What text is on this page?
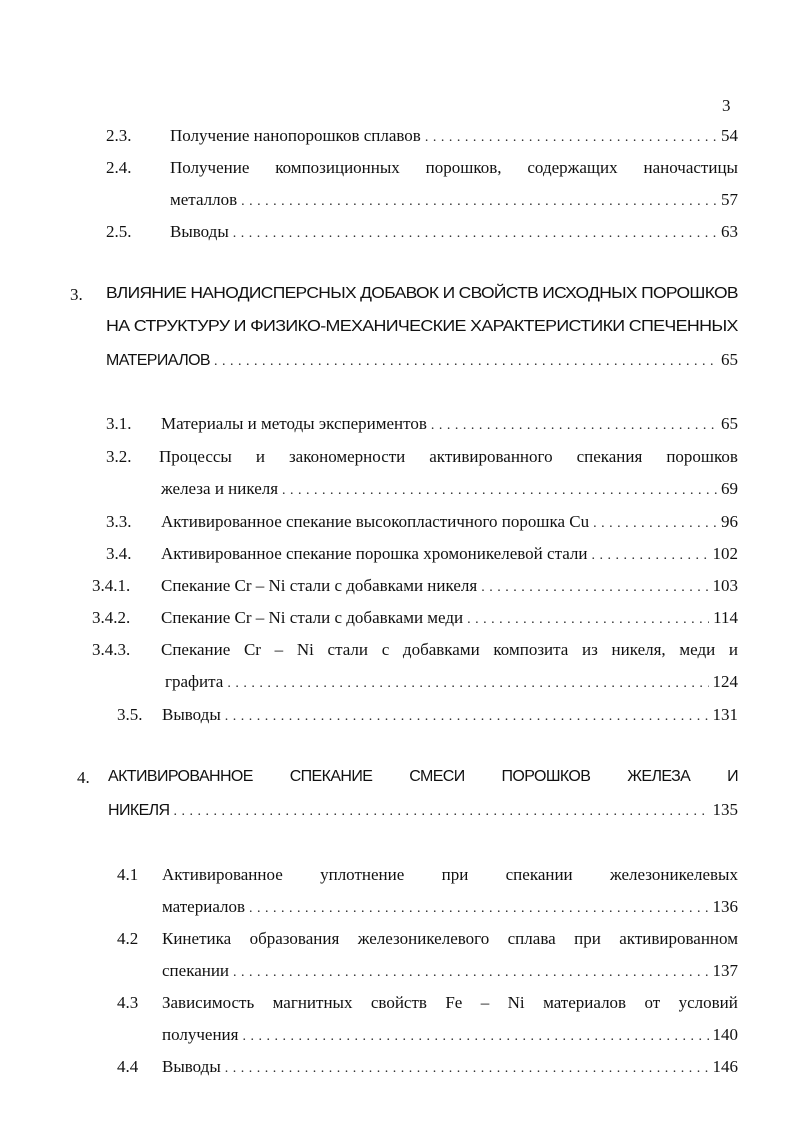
3
2.3. Получение нанопорошков сплавов . . .	54
2.4. Получение композиционных порошков, содержащих наночастицы
металлов . . .	57
2.5. Выводы . . .	63
3. ВЛИЯНИЕ НАНОДИСПЕРСНЫХ ДОБАВОК И СВОЙСТВ ИСХОДНЫХ ПОРОШКОВ
НА СТРУКТУРУ И ФИЗИКО-МЕХАНИЧЕСКИЕ ХАРАКТЕРИСТИКИ СПЕЧЕННЫХ
МАТЕРИАЛОВ . . .	65
3.1. Материалы и методы экспериментов . . .	65
3.2. Процессы и закономерности активированного спекания порошков
железа и никеля . . .	69
3.3. Активированное спекание высокопластичного порошка Cu . . .	96
3.4. Активированное спекание порошка хромоникелевой стали . . .	102
3.4.1. Спекание Cr – Ni стали с добавками никеля . . .	103
3.4.2. Спекание Cr – Ni стали с добавками меди . . .	114
3.4.3. Спекание Cr – Ni стали с добавками композита из никеля, меди и
графита . . .	124
3.5. Выводы . . .	131
4. АКТИВИРОВАННОЕ СПЕКАНИЕ СМЕСИ ПОРОШКОВ ЖЕЛЕЗА И
НИКЕЛЯ . . .	135
4.1 Активированное уплотнение при спекании железоникелевых
материалов . . .	136
4.2 Кинетика образования железоникелевого сплава при активированном
спекании . . .	137
4.3 Зависимость магнитных свойств Fe – Ni материалов от условий
получения . . .	140
4.4 Выводы . . .	146
